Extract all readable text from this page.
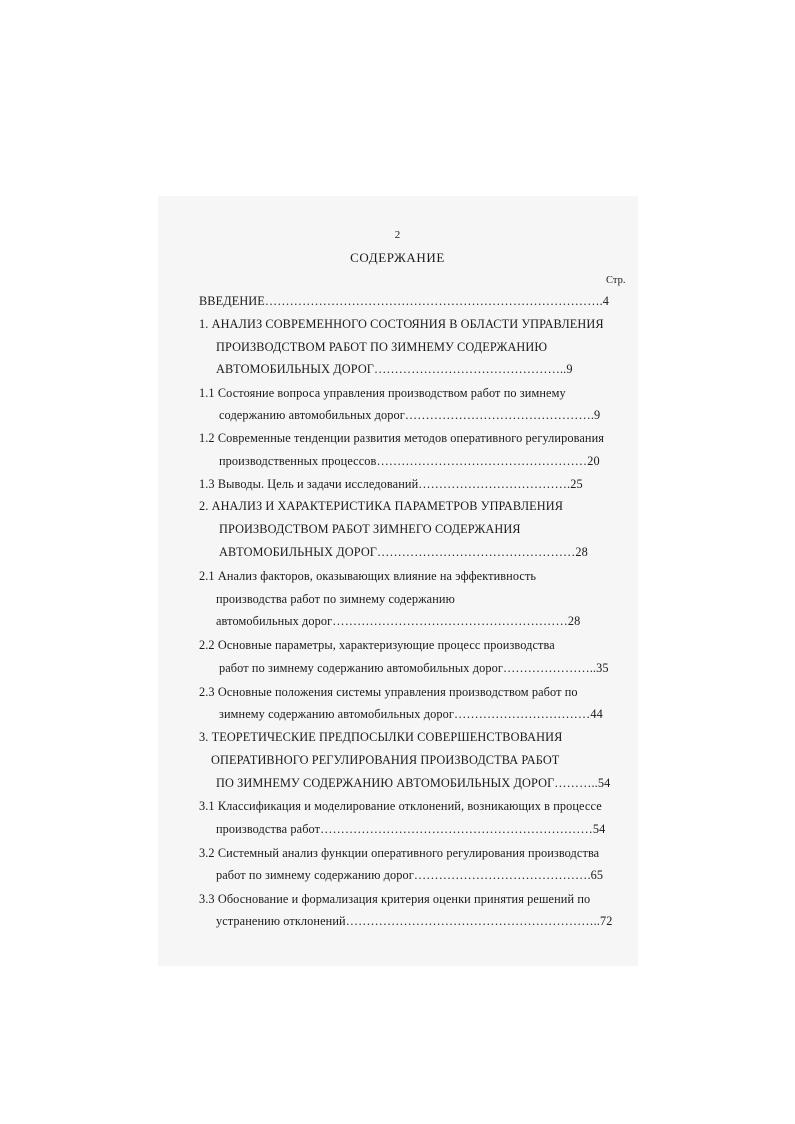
2
СОДЕРЖАНИЕ
Стр.
ВВЕДЕНИЕ……………………………………………………………………….4
1. АНАЛИЗ СОВРЕМЕННОГО СОСТОЯНИЯ В ОБЛАСТИ УПРАВЛЕНИЯ
ПРОИЗВОДСТВОМ РАБОТ ПО ЗИМНЕМУ СОДЕРЖАНИЮ
АВТОМОБИЛЬНЫХ ДОРОГ………………………………………..9
1.1 Состояние вопроса управления производством работ по зимнему
содержанию автомобильных дорог……………………………………….9
1.2 Современные тенденции развития методов оперативного регулирования
производственных процессов……………………………………………20
1.3 Выводы. Цель и задачи исследований……………………………….25
2. АНАЛИЗ И ХАРАКТЕРИСТИКА ПАРАМЕТРОВ УПРАВЛЕНИЯ
ПРОИЗВОДСТВОМ РАБОТ ЗИМНЕГО СОДЕРЖАНИЯ
АВТОМОБИЛЬНЫХ ДОРОГ…………………………………………28
2.1 Анализ факторов, оказывающих влияние на эффективность
производства работ по зимнему содержанию
автомобильных дорог…………………………………………………28
2.2 Основные параметры, характеризующие процесс производства
работ по зимнему содержанию автомобильных дорог…………………..35
2.3 Основные положения системы управления производством работ по
зимнему содержанию автомобильных дорог……………………………44
3. ТЕОРЕТИЧЕСКИЕ ПРЕДПОСЫЛКИ СОВЕРШЕНСТВОВАНИЯ
ОПЕРАТИВНОГО РЕГУЛИРОВАНИЯ ПРОИЗВОДСТВА РАБОТ
ПО ЗИМНЕМУ СОДЕРЖАНИЮ АВТОМОБИЛЬНЫХ ДОРОГ………..54
3.1 Классификация и моделирование отклонений, возникающих в процессе
производства работ…………………………………………………………54
3.2 Системный анализ функции оперативного регулирования производства
работ по зимнему содержанию дорог…………………………………….65
3.3 Обоснование и формализация критерия оценки принятия решений по
устранению отклонений……………………………………………………..72
